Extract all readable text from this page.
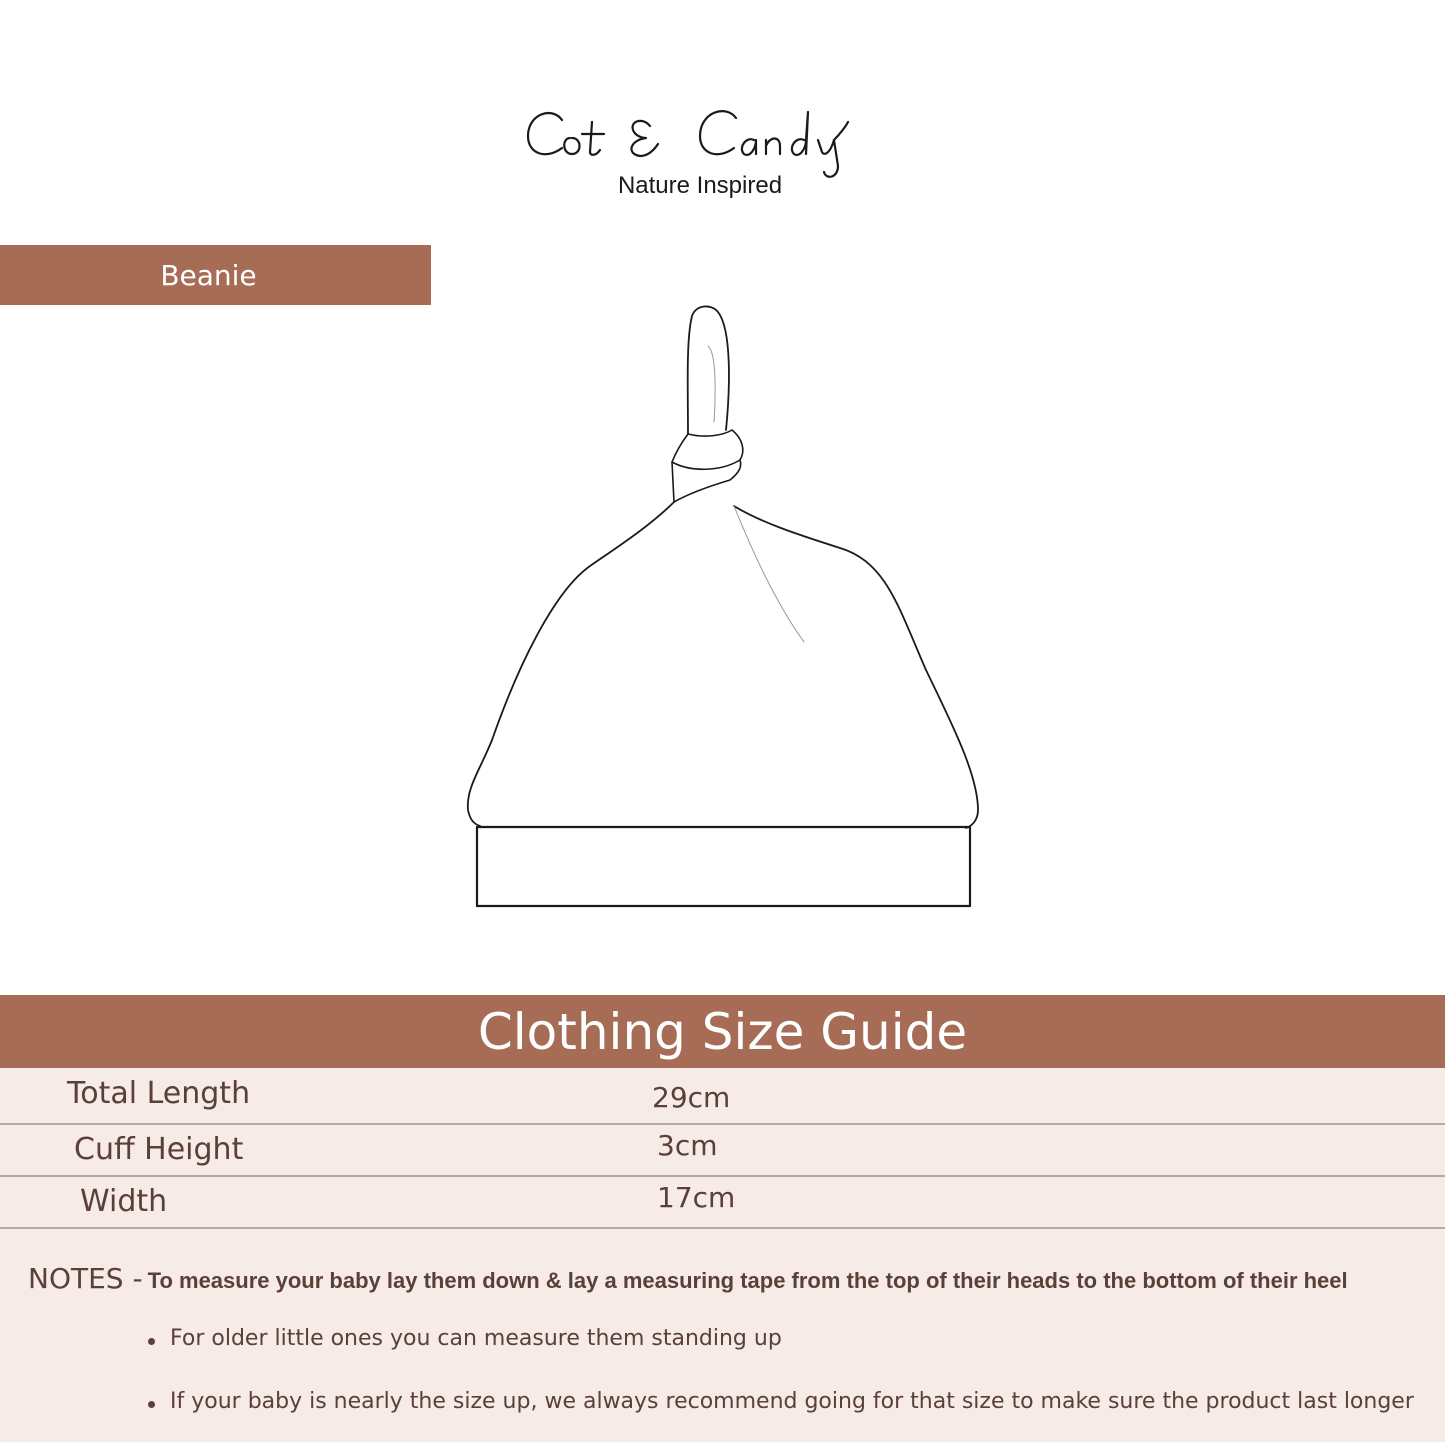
Nature Inspired
Beanie
Clothing Size Guide
Total Length	29cm
Cuff Height	3cm
Width	17cm
NOTES - To measure your baby lay them down & lay a measuring tape from the top of their heads to the bottom of their heel
For older little ones you can measure them standing up
If your baby is nearly the size up, we always recommend going for that size to make sure the product last longer
